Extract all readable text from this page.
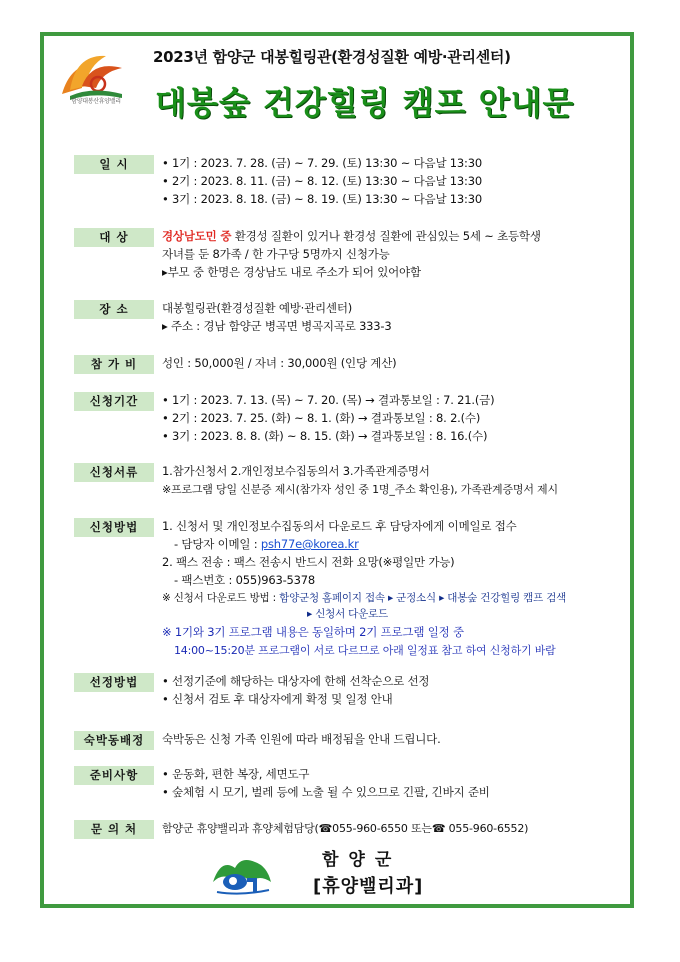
함양대봉산휴양밸리
2023년 함양군 대봉힐링관(환경성질환 예방·관리센터)
대봉숲 건강힐링 캠프 안내문
일 시	• 1기 : 2023. 7. 28. (금) ~ 7. 29. (토) 13:30 ~ 다음날 13:30
• 2기 : 2023. 8. 11. (금) ~ 8. 12. (토) 13:30 ~ 다음날 13:30
• 3기 : 2023. 8. 18. (금) ~ 8. 19. (토) 13:30 ~ 다음날 13:30
대 상	경상남도민 중 환경성 질환이 있거나 환경성 질환에 관심있는 5세 ~ 초등학생
자녀를 둔 8가족 / 한 가구당 5명까지 신청가능
▸부모 중 한명은 경상남도 내로 주소가 되어 있어야함
장 소	대봉힐링관(환경성질환 예방·관리센터)
▸ 주소 : 경남 함양군 병곡면 병곡지곡로 333-3
참 가 비	성인 : 50,000원 / 자녀 : 30,000원 (인당 계산)
신청기간	• 1기 : 2023. 7. 13. (목) ~ 7. 20. (목) → 결과통보일 : 7. 21.(금)
• 2기 : 2023. 7. 25. (화) ~ 8. 1. (화) → 결과통보일 : 8. 2.(수)
• 3기 : 2023. 8. 8. (화) ~ 8. 15. (화) → 결과통보일 : 8. 16.(수)
신청서류	1.참가신청서 2.개인정보수집동의서 3.가족관계증명서
※프로그램 당일 신분증 제시(참가자 성인 중 1명_주소 확인용), 가족관계증명서 제시
신청방법	1. 신청서 및 개인정보수집동의서 다운로드 후 담당자에게 이메일로 접수
- 담당자 이메일 : psh77e@korea.kr
2. 팩스 전송 : 팩스 전송시 반드시 전화 요망(※평일만 가능)
- 팩스번호 : 055)963-5378
※ 신청서 다운로드 방법 : 함양군청 홈페이지 접속 ▸ 군정소식 ▸ 대봉숲 건강힐링 캠프 검색
▸ 신청서 다운로드
※ 1기와 3기 프로그램 내용은 동일하며 2기 프로그램 일정 중
14:00~15:20분 프로그램이 서로 다르므로 아래 일정표 참고 하여 신청하기 바람
선정방법	• 선정기준에 해당하는 대상자에 한해 선착순으로 선정
• 신청서 검토 후 대상자에게 확정 및 일정 안내
숙박동배정	숙박동은 신청 가족 인원에 따라 배정됨을 안내 드립니다.
준비사항	• 운동화, 편한 복장, 세면도구
• 숲체험 시 모기, 벌레 등에 노출 될 수 있으므로 긴팔, 긴바지 준비
문 의 처	함양군 휴양밸리과 휴양체험담당(☎055-960-6550 또는☎ 055-960-6552)
함양군
[휴양밸리과]
